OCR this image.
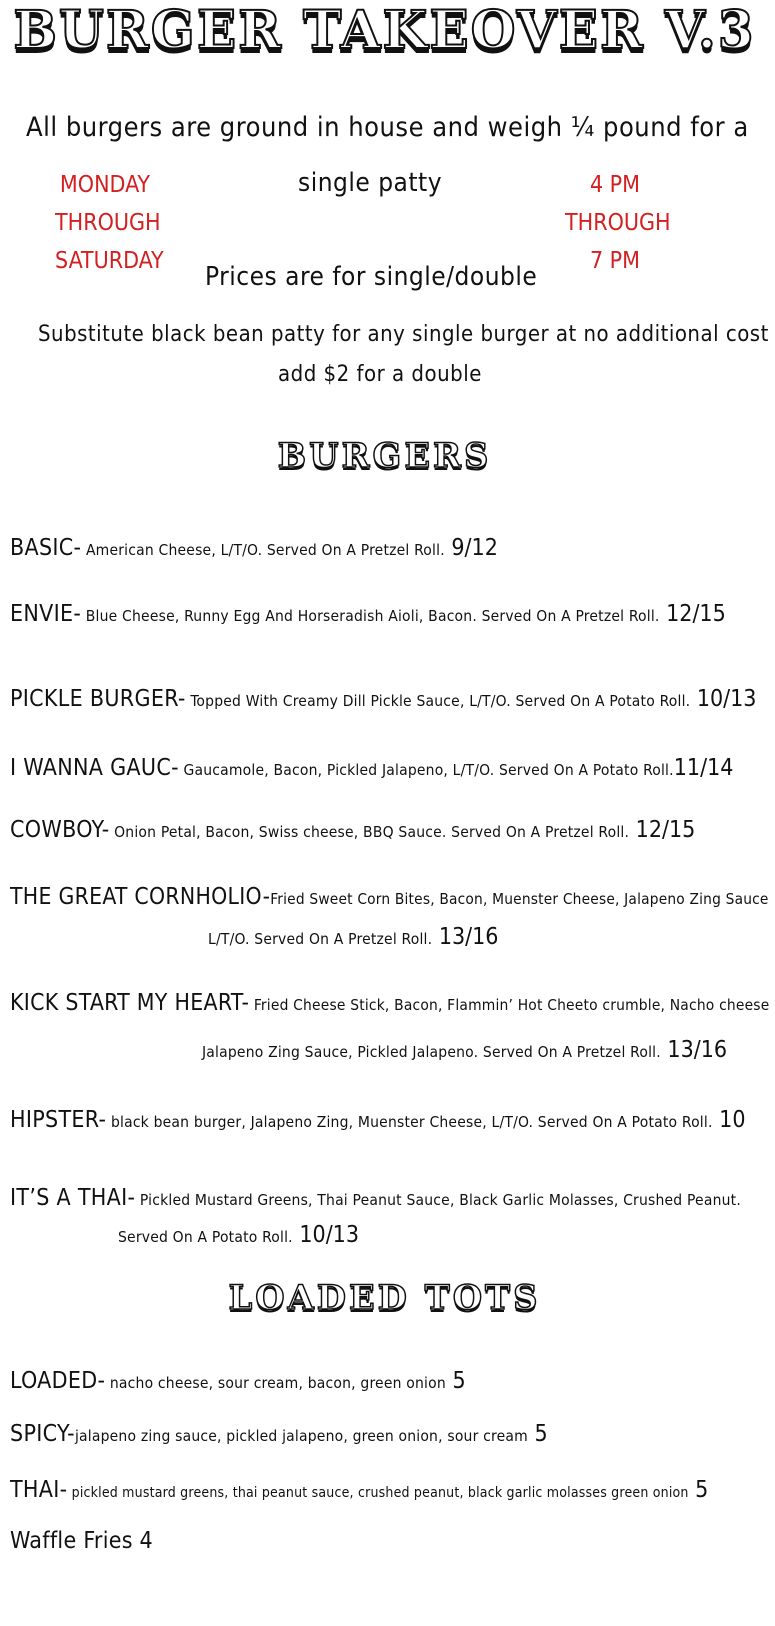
BURGER TAKEOVER V.3
All burgers are ground in house and weigh ¼ pound for a
single patty
MONDAY
THROUGH
SATURDAY
4 PM
THROUGH
7 PM
Prices are for single/double
Substitute black bean patty for any single burger at no additional cost
add $2 for a double
BURGERS
BASIC- American Cheese, L/T/O. Served On A Pretzel Roll. 9/12
ENVIE- Blue Cheese, Runny Egg And Horseradish Aioli, Bacon. Served On A Pretzel Roll. 12/15
PICKLE BURGER- Topped With Creamy Dill Pickle Sauce, L/T/O. Served On A Potato Roll. 10/13
I WANNA GAUC- Gaucamole, Bacon, Pickled Jalapeno, L/T/O. Served On A Potato Roll.11/14
COWBOY- Onion Petal, Bacon, Swiss cheese, BBQ Sauce. Served On A Pretzel Roll. 12/15
THE GREAT CORNHOLIO-Fried Sweet Corn Bites, Bacon, Muenster Cheese, Jalapeno Zing Sauce
L/T/O. Served On A Pretzel Roll. 13/16
KICK START MY HEART- Fried Cheese Stick, Bacon, Flammin’ Hot Cheeto crumble, Nacho cheese
Jalapeno Zing Sauce, Pickled Jalapeno. Served On A Pretzel Roll. 13/16
HIPSTER- black bean burger, Jalapeno Zing, Muenster Cheese, L/T/O. Served On A Potato Roll. 10
IT’S A THAI- Pickled Mustard Greens, Thai Peanut Sauce, Black Garlic Molasses, Crushed Peanut.
Served On A Potato Roll. 10/13
LOADED TOTS
LOADED- nacho cheese, sour cream, bacon, green onion 5
SPICY-jalapeno zing sauce, pickled jalapeno, green onion, sour cream 5
THAI- pickled mustard greens, thai peanut sauce, crushed peanut, black garlic molasses green onion 5
Waffle Fries 4
